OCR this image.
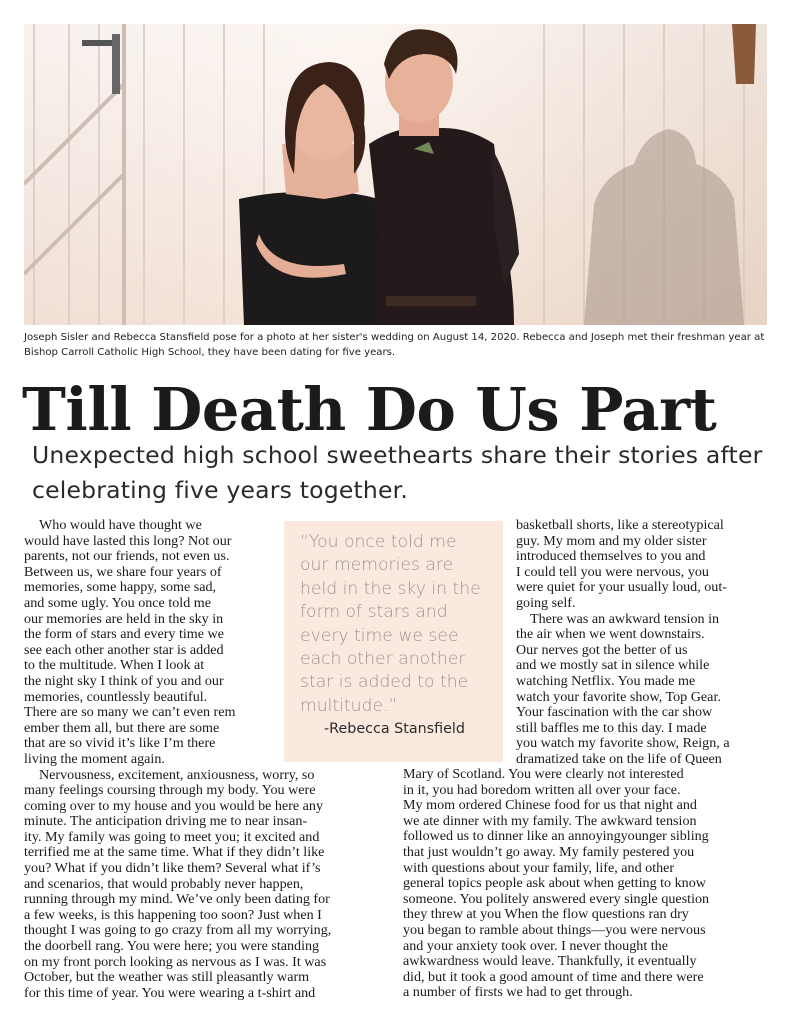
Joseph Sisler and Rebecca Stansfield pose for a photo at her sister's wedding on August 14, 2020. Rebecca and Joseph met their freshman year at Bishop Carroll Catholic High School, they have been dating for five years.
Till Death Do Us Part
Unexpected high school sweethearts share their stories after celebrating five years together.

Who would have thought we
would have lasted this long? Not our
parents, not our friends, not even us.
Between us, we share four years of
memories, some happy, some sad,
and some ugly. You once told me
our memories are held in the sky in
the form of stars and every time we
see each other another star is added
to the multitude. When I look at
the night sky I think of you and our
memories, countlessly beautiful.
There are so many we can’t even rem
ember them all, but there are some
that are so vivid it’s like I’m there
living the moment again.

Nervousness, excitement, anxiousness, worry, so
many feelings coursing through my body. You were
coming over to my house and you would be here any
minute. The anticipation driving me to near insan-
ity. My family was going to meet you; it excited and
terrified me at the same time. What if they didn’t like
you? What if you didn’t like them? Several what if’s
and scenarios, that would probably never happen,
running through my mind. We’ve only been dating for
a few weeks, is this happening too soon? Just when I
thought I was going to go crazy from all my worrying,
the doorbell rang. You were here; you were standing
on my front porch looking as nervous as I was. It was
October, but the weather was still pleasantly warm
for this time of year. You were wearing a t-shirt and

“You once told me
our memories are
held in the sky in the
form of stars and
every time we see
each other another
star is added to the
multitude.”

-Rebecca Stansfield

basketball shorts, like a stereotypical
guy. My mom and my older sister
introduced themselves to you and
I could tell you were nervous, you
were quiet for your usually loud, out-
going self.

There was an awkward tension in
the air when we went downstairs.
Our nerves got the better of us
and we mostly sat in silence while
watching Netflix. You made me
watch your favorite show, Top Gear.
Your fascination with the car show
still baffles me to this day. I made
you watch my favorite show, Reign, a
dramatized take on the life of Queen

Mary of Scotland. You were clearly not interested
in it, you had boredom written all over your face.
My mom ordered Chinese food for us that night and
we ate dinner with my family. The awkward tension
followed us to dinner like an annoyingyounger sibling
that just wouldn’t go away. My family pestered you
with questions about your family, life, and other
general topics people ask about when getting to know
someone. You politely answered every single question
they threw at you When the flow questions ran dry
you began to ramble about things—you were nervous
and your anxiety took over. I never thought the
awkwardness would leave. Thankfully, it eventually
did, but it took a good amount of time and there were
a number of firsts we had to get through.
